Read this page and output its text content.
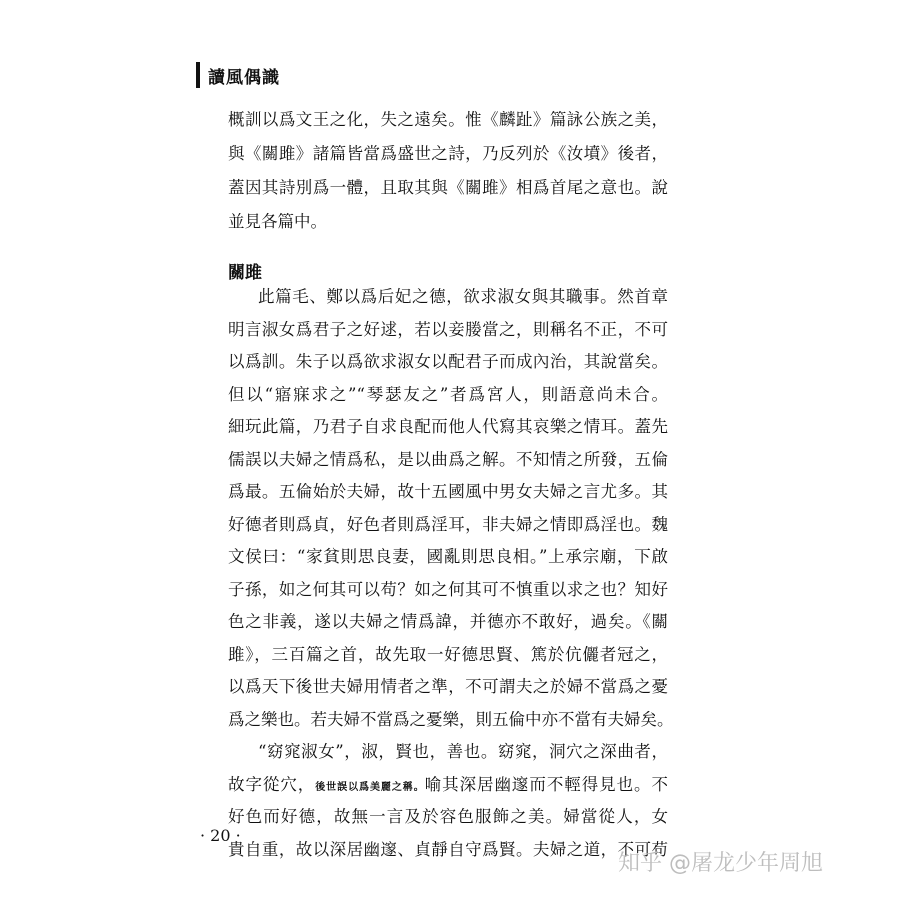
讀風偶識
概訓以爲文王之化，失之遠矣。惟《麟趾》篇詠公族之美，
與《關雎》諸篇皆當爲盛世之詩，乃反列於《汝墳》後者，
蓋因其詩別爲一體，且取其與《關雎》相爲首尾之意也。說
並見各篇中。
關雎
此篇毛、鄭以爲后妃之德，欲求淑女與其職事。然首章
明言淑女爲君子之好逑，若以妾媵當之，則稱名不正，不可
以爲訓。朱子以爲欲求淑女以配君子而成內治，其說當矣。
但以“寤寐求之”“琴瑟友之”者爲宮人，則語意尚未合。
細玩此篇，乃君子自求良配而他人代寫其哀樂之情耳。蓋先
儒誤以夫婦之情爲私，是以曲爲之解。不知情之所發，五倫
爲最。五倫始於夫婦，故十五國風中男女夫婦之言尤多。其
好德者則爲貞，好色者則爲淫耳，非夫婦之情即爲淫也。魏
文侯曰：“家貧則思良妻，國亂則思良相。”上承宗廟，下啟
子孫，如之何其可以苟？如之何其可不慎重以求之也？知好
色之非義，遂以夫婦之情爲諱，并德亦不敢好，過矣。《關
雎》，三百篇之首，故先取一好德思賢、篤於伉儷者冠之，
以爲天下後世夫婦用情者之準，不可謂夫之於婦不當爲之憂
爲之樂也。若夫婦不當爲之憂樂，則五倫中亦不當有夫婦矣。
“窈窕淑女”，淑，賢也，善也。窈窕，洞穴之深曲者，
故字從穴，後世誤以爲美麗之稱。喻其深居幽邃而不輕得見也。不
好色而好德，故無一言及於容色服飾之美。婦當從人，女
貴自重，故以深居幽邃、貞靜自守爲賢。夫婦之道，不可苟
· 20 ·
知乎 @屠龙少年周旭
